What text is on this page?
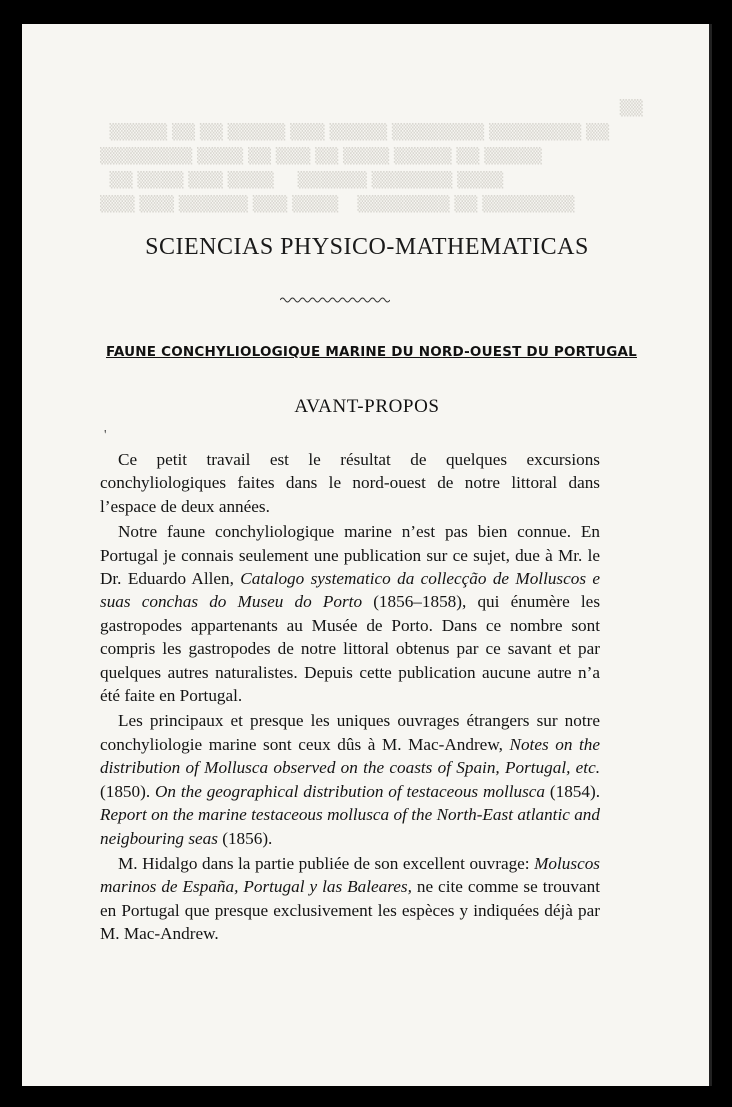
▒▒
▒▒▒▒▒ ▒▒ ▒▒ ▒▒▒▒▒ ▒▒▒ ▒▒▒▒▒ ▒▒▒▒▒▒▒▒ ▒▒▒▒▒▒▒▒ ▒▒
▒▒▒▒▒▒▒▒ ▒▒▒▒ ▒▒ ▒▒▒ ▒▒ ▒▒▒▒ ▒▒▒▒▒ ▒▒ ▒▒▒▒▒
▒▒ ▒▒▒▒ ▒▒▒ ▒▒▒▒     ▒▒▒▒▒▒ ▒▒▒▒▒▒▒ ▒▒▒▒
▒▒▒ ▒▒▒ ▒▒▒▒▒▒ ▒▒▒ ▒▒▒▒    ▒▒▒▒▒▒▒▒ ▒▒ ▒▒▒▒▒▒▒▒
SCIENCIAS PHYSICO-MATHEMATICAS
FAUNE CONCHYLIOLOGIQUE MARINE DU NORD-OUEST DU PORTUGAL
AVANT-PROPOS
'

Ce petit travail est le résultat de quelques excursions conchyliologiques faites dans le nord-ouest de notre littoral dans l’espace de deux années.

Notre faune conchyliologique marine n’est pas bien connue. En Portugal je connais seulement une publication sur ce sujet, due à Mr. le Dr. Eduardo Allen, Catalogo systematico da collecção de Molluscos e suas conchas do Museu do Porto (1856–1858), qui énumère les gastropodes appartenants au Musée de Porto. Dans ce nombre sont compris les gastropodes de notre littoral obtenus par ce savant et par quelques autres naturalistes. Depuis cette publication aucune autre n’a été faite en Portugal.

Les principaux et presque les uniques ouvrages étrangers sur notre conchyliologie marine sont ceux dûs à M. Mac-Andrew, Notes on the distribution of Mollusca observed on the coasts of Spain, Portugal, etc. (1850). On the geographical distribution of testaceous mollusca (1854). Report on the marine testaceous mollusca of the North-East atlantic and neigbouring seas (1856).

M. Hidalgo dans la partie publiée de son excellent ouvrage: Moluscos marinos de España, Portugal y las Baleares, ne cite comme se trouvant en Portugal que presque exclusivement les espèces y indiquées déjà par M. Mac-Andrew.
